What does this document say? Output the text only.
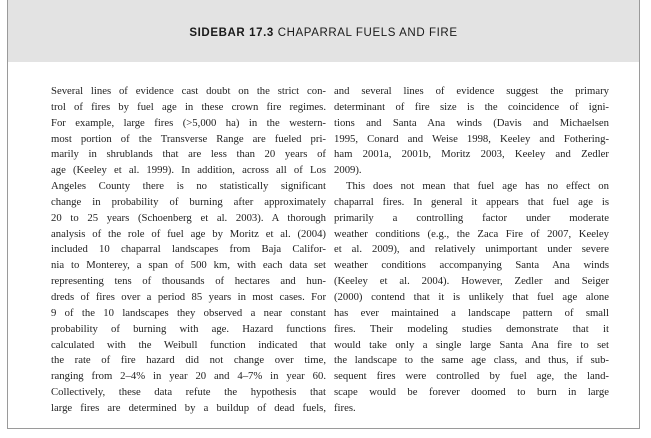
SIDEBAR 17.3 CHAPARRAL FUELS AND FIRE
Several lines of evidence cast doubt on the strict con-
trol of fires by fuel age in these crown fire regimes.
For example, large fires (>5,000 ha) in the western-
most portion of the Transverse Range are fueled pri-
marily in shrublands that are less than 20 years of
age (Keeley et al. 1999). In addition, across all of Los
Angeles County there is no statistically significant
change in probability of burning after approximately
20 to 25 years (Schoenberg et al. 2003). A thorough
analysis of the role of fuel age by Moritz et al. (2004)
included 10 chaparral landscapes from Baja Califor-
nia to Monterey, a span of 500 km, with each data set
representing tens of thousands of hectares and hun-
dreds of fires over a period 85 years in most cases. For
9 of the 10 landscapes they observed a near constant
probability of burning with age. Hazard functions
calculated with the Weibull function indicated that
the rate of fire hazard did not change over time,
ranging from 2–4% in year 20 and 4–7% in year 60.
Collectively, these data refute the hypothesis that
large fires are determined by a buildup of dead fuels,
and several lines of evidence suggest the primary
determinant of fire size is the coincidence of igni-
tions and Santa Ana winds (Davis and Michaelsen
1995, Conard and Weise 1998, Keeley and Fothering-
ham 2001a, 2001b, Moritz 2003, Keeley and Zedler
2009).
This does not mean that fuel age has no effect on
chaparral fires. In general it appears that fuel age is
primarily a controlling factor under moderate
weather conditions (e.g., the Zaca Fire of 2007, Keeley
et al. 2009), and relatively unimportant under severe
weather conditions accompanying Santa Ana winds
(Keeley et al. 2004). However, Zedler and Seiger
(2000) contend that it is unlikely that fuel age alone
has ever maintained a landscape pattern of small
fires. Their modeling studies demonstrate that it
would take only a single large Santa Ana fire to set
the landscape to the same age class, and thus, if sub-
sequent fires were controlled by fuel age, the land-
scape would be forever doomed to burn in large
fires.
